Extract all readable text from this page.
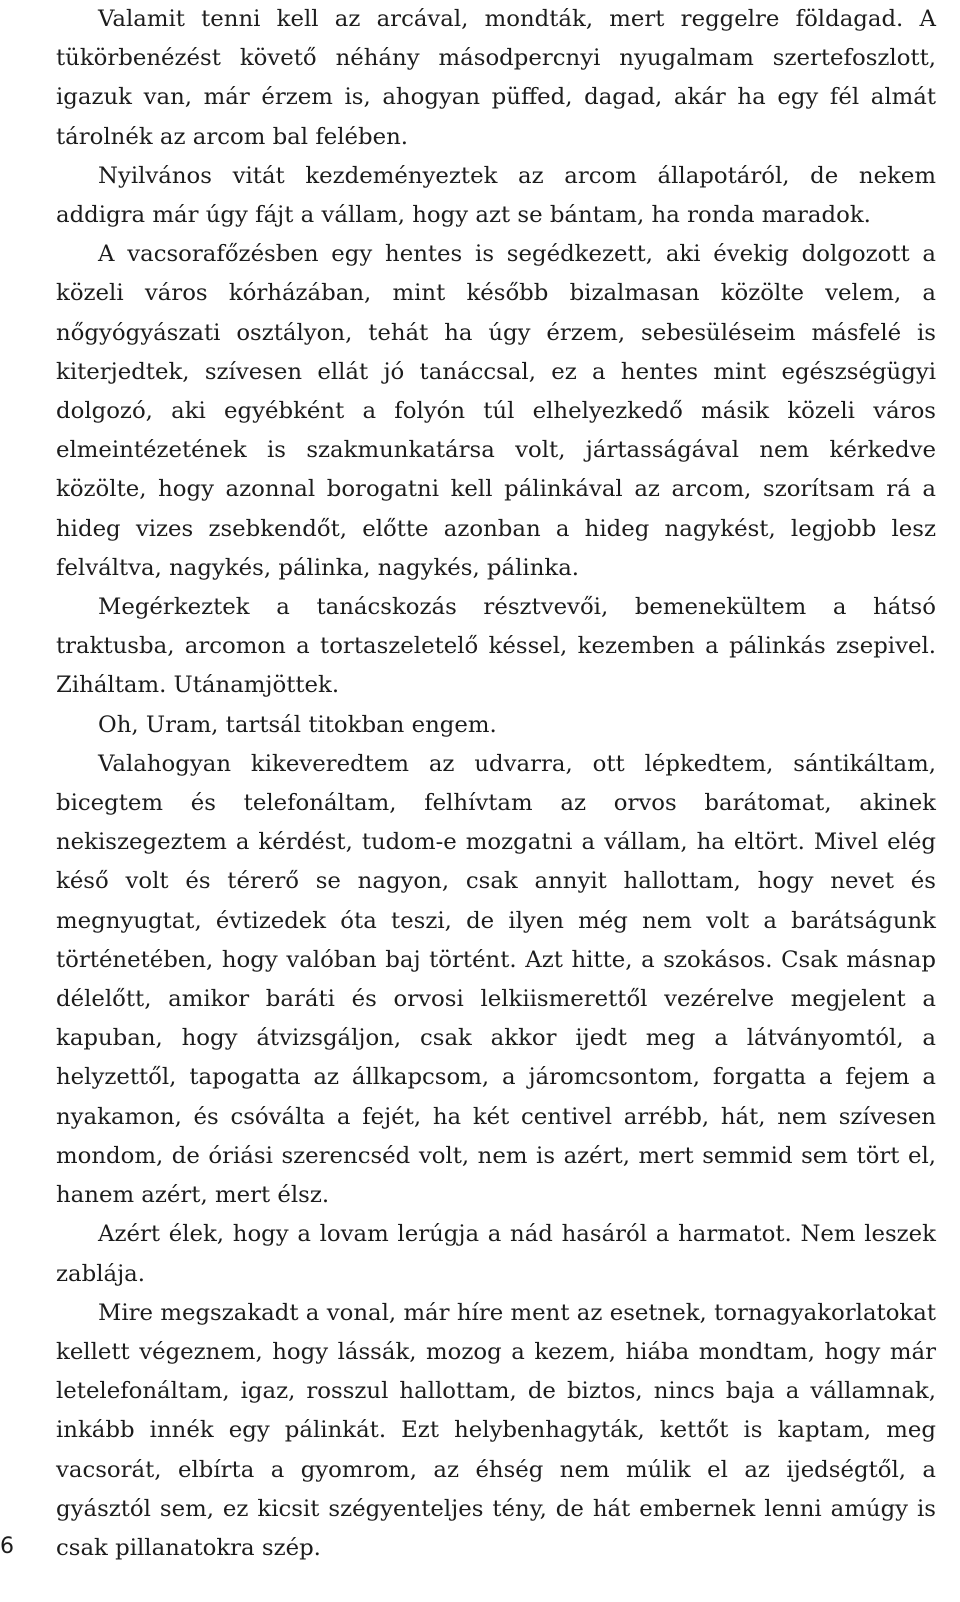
Valamit tenni kell az arcával, mondták, mert reggelre földagad. A tükörbenézést követő néhány másodpercnyi nyugalmam szertefoszlott, igazuk van, már érzem is, ahogyan püffed, dagad, akár ha egy fél almát tárolnék az arcom bal felében.

Nyilvános vitát kezdeményeztek az arcom állapotáról, de nekem addigra már úgy fájt a vállam, hogy azt se bántam, ha ronda maradok.

A vacsorafőzésben egy hentes is segédkezett, aki évekig dolgozott a közeli város kórházában, mint később bizalmasan közölte velem, a nőgyógyászati osztályon, tehát ha úgy érzem, sebesüléseim másfelé is kiterjedtek, szívesen ellát jó tanáccsal, ez a hentes mint egészségügyi dolgozó, aki egyébként a folyón túl elhelyezkedő másik közeli város elmeintézetének is szakmunkatársa volt, jártasságával nem kérkedve közölte, hogy azonnal borogatni kell pálinkával az arcom, szorítsam rá a hideg vizes zsebkendőt, előtte azonban a hideg nagykést, legjobb lesz felváltva, nagykés, pálinka, nagykés, pálinka.

Megérkeztek a tanácskozás résztvevői, bemenekültem a hátsó traktusba, arcomon a tortaszeletelő késsel, kezemben a pálinkás zsepivel. Ziháltam. Utánamjöttek.

Oh, Uram, tartsál titokban engem.

Valahogyan kikeveredtem az udvarra, ott lépkedtem, sántikáltam, bicegtem és telefonáltam, felhívtam az orvos barátomat, akinek nekiszegeztem a kérdést, tudom-e mozgatni a vállam, ha eltört. Mivel elég késő volt és térerő se nagyon, csak annyit hallottam, hogy nevet és megnyugtat, évtizedek óta teszi, de ilyen még nem volt a barátságunk történetében, hogy valóban baj történt. Azt hitte, a szokásos. Csak másnap délelőtt, amikor baráti és orvosi lelkiismerettől vezérelve megjelent a kapuban, hogy átvizsgáljon, csak akkor ijedt meg a látványomtól, a helyzettől, tapogatta az állkapcsom, a járomcsontom, forgatta a fejem a nyakamon, és csóválta a fejét, ha két centivel arrébb, hát, nem szívesen mondom, de óriási szerencséd volt, nem is azért, mert semmid sem tört el, hanem azért, mert élsz.

Azért élek, hogy a lovam lerúgja a nád hasáról a harmatot. Nem leszek zablája.

Mire megszakadt a vonal, már híre ment az esetnek, tornagyakorlatokat kellett végeznem, hogy lássák, mozog a kezem, hiába mondtam, hogy már letelefonáltam, igaz, rosszul hallottam, de biztos, nincs baja a vállamnak, inkább innék egy pálinkát. Ezt helybenhagyták, kettőt is kaptam, meg vacsorát, elbírta a gyomrom, az éhség nem múlik el az ijedségtől, a gyásztól sem, ez kicsit szégyenteljes tény, de hát embernek lenni amúgy is csak pillanatokra szép.

6
